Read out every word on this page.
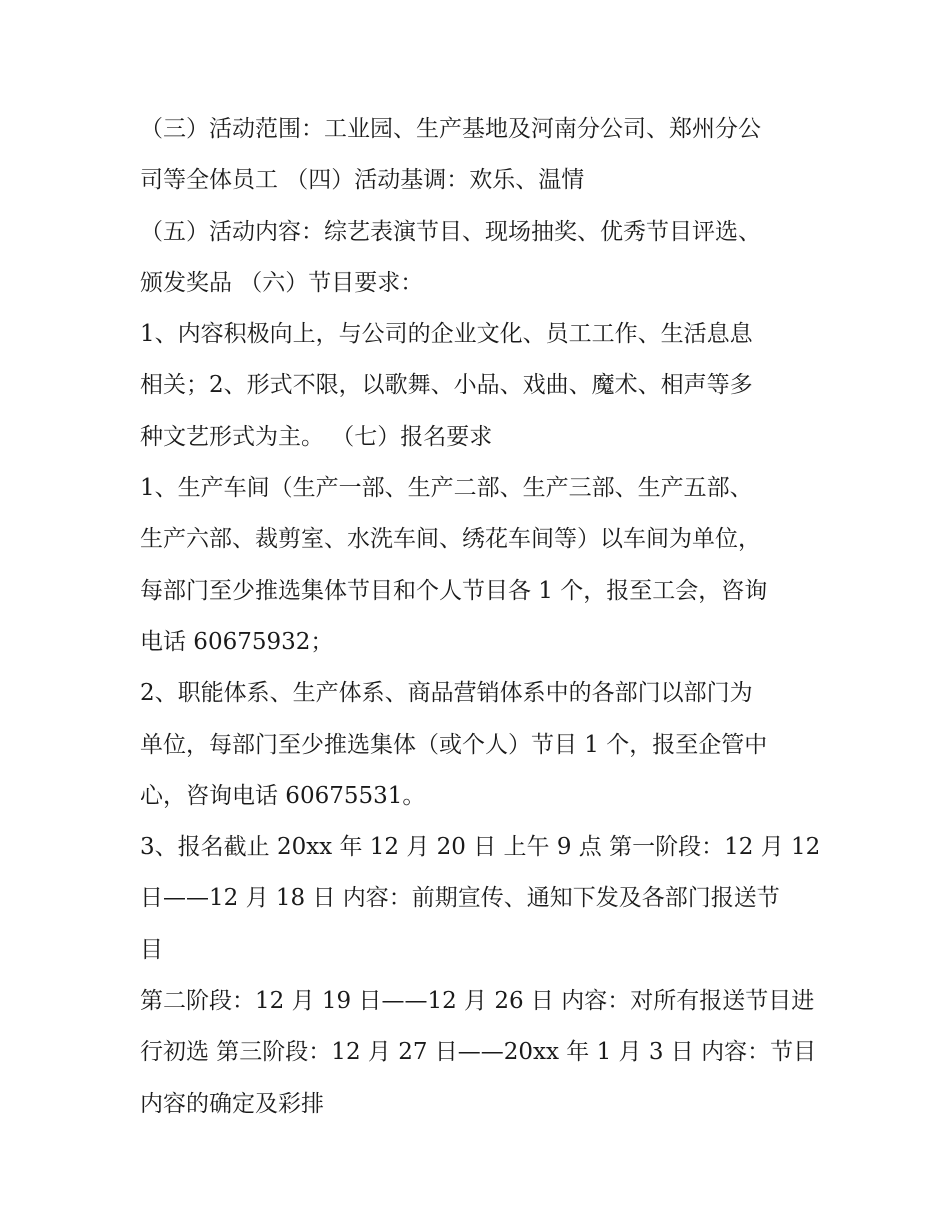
（三）活动范围：工业园、生产基地及河南分公司、郑州分公
司等全体员工 （四）活动基调：欢乐、温情
（五）活动内容：综艺表演节目、现场抽奖、优秀节目评选、
颁发奖品 （六）节目要求：
1、内容积极向上，与公司的企业文化、员工工作、生活息息
相关；2、形式不限，以歌舞、小品、戏曲、魔术、相声等多
种文艺形式为主。 （七）报名要求
1、生产车间（生产一部、生产二部、生产三部、生产五部、
生产六部、裁剪室、水洗车间、绣花车间等）以车间为单位，
每部门至少推选集体节目和个人节目各 1 个，报至工会，咨询
电话 60675932；
2、职能体系、生产体系、商品营销体系中的各部门以部门为
单位，每部门至少推选集体（或个人）节目 1 个，报至企管中
心，咨询电话 60675531。
3、报名截止 20xx 年 12 月 20 日 上午 9 点 第一阶段：12 月 12
日——12 月 18 日 内容：前期宣传、通知下发及各部门报送节
目
第二阶段：12 月 19 日——12 月 26 日 内容：对所有报送节目进
行初选 第三阶段：12 月 27 日——20xx 年 1 月 3 日 内容：节目
内容的确定及彩排
